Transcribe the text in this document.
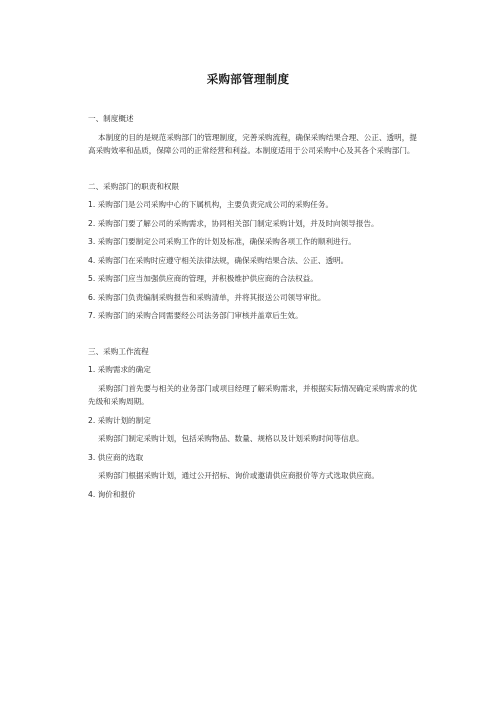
采购部管理制度
一、制度概述
本制度的目的是规范采购部门的管理制度，完善采购流程，确保采购结果合理、公正、透明，提高采购效率和品质，保障公司的正常经营和利益。本制度适用于公司采购中心及其各个采购部门。
二、采购部门的职责和权限
1. 采购部门是公司采购中心的下属机构，主要负责完成公司的采购任务。
2. 采购部门要了解公司的采购需求，协同相关部门制定采购计划，并及时向领导报告。
3. 采购部门要制定公司采购工作的计划及标准，确保采购各项工作的顺利进行。
4. 采购部门在采购时应遵守相关法律法规，确保采购结果合法、公正、透明。
5. 采购部门应当加强供应商的管理，并积极维护供应商的合法权益。
6. 采购部门负责编制采购报告和采购清单，并将其报送公司领导审批。
7. 采购部门的采购合同需要经公司法务部门审核并盖章后生效。
三、采购工作流程
1. 采购需求的确定
采购部门首先要与相关的业务部门或项目经理了解采购需求，并根据实际情况确定采购需求的优先级和采购周期。
2. 采购计划的制定
采购部门制定采购计划，包括采购物品、数量、规格以及计划采购时间等信息。
3. 供应商的选取
采购部门根据采购计划，通过公开招标、询价或邀请供应商报价等方式选取供应商。
4. 询价和报价
